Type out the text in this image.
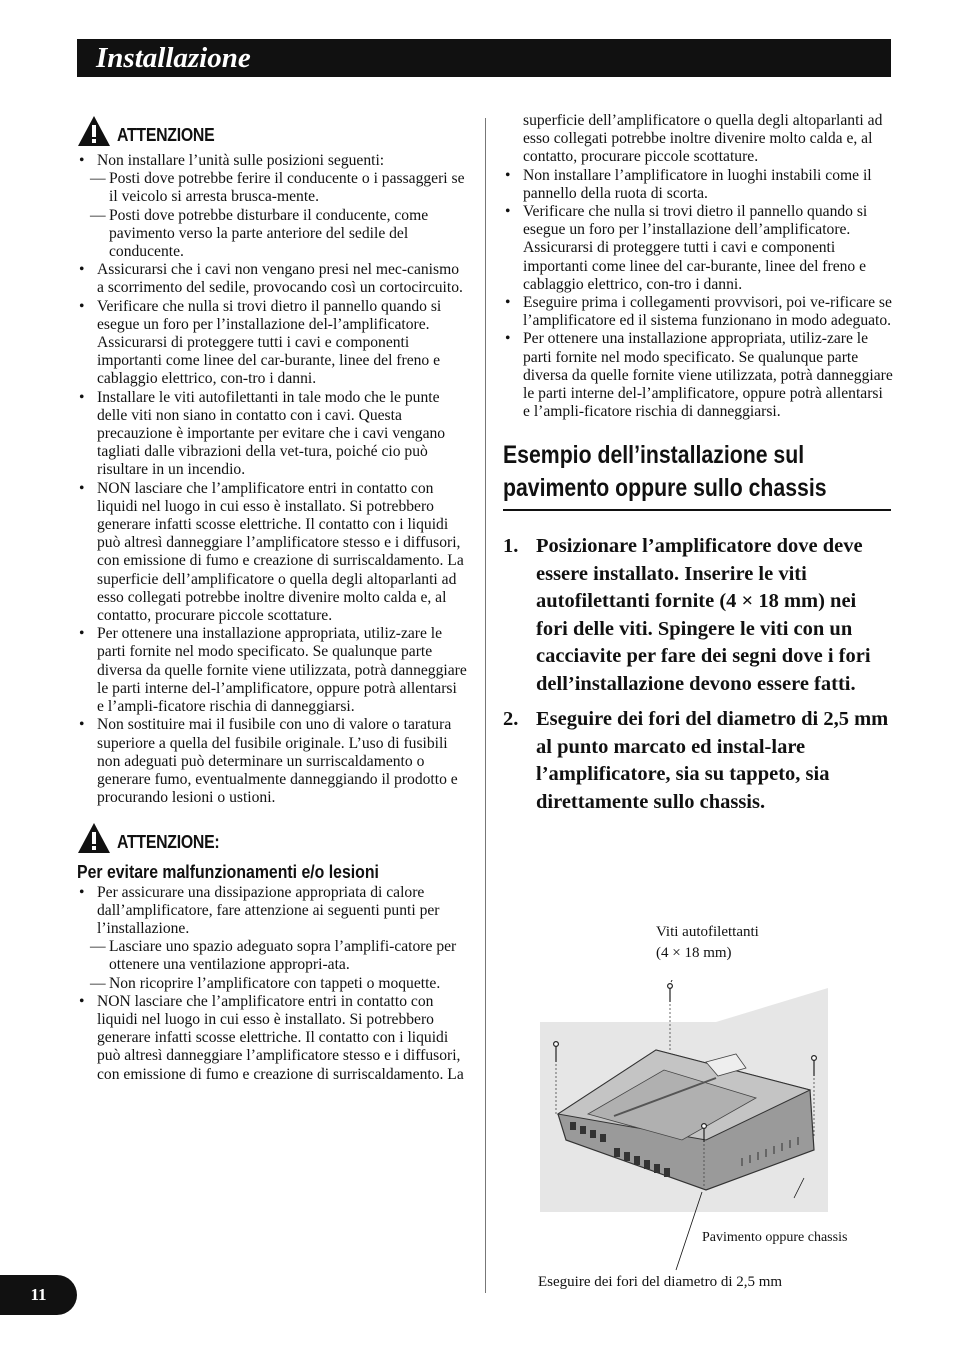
Installazione
ATTENZIONE
• Non installare l’unità sulle posizioni seguenti:
— Posti dove potrebbe ferire il conducente o i passaggeri se il veicolo si arresta brusca-mente.
— Posti dove potrebbe disturbare il conducente, come pavimento verso la parte anteriore del sedile del conducente.
• Assicurarsi che i cavi non vengano presi nel mec-canismo a scorrimento del sedile, provocando così un cortocircuito.
• Verificare che nulla si trovi dietro il pannello quando si esegue un foro per l’installazione del-l’amplificatore. Assicurarsi di proteggere tutti i cavi e componenti importanti come linee del car-burante, linee del freno e cablaggio elettrico, con-tro i danni.
• Installare le viti autofilettanti in tale modo che le punte delle viti non siano in contatto con i cavi. Questa precauzione è importante per evitare che i cavi vengano tagliati dalle vibrazioni della vet-tura, poiché cio può risultare in un incendio.
• NON lasciare che l’amplificatore entri in contatto con liquidi nel luogo in cui esso è installato. Si potrebbero generare infatti scosse elettriche. Il contatto con i liquidi può altresì danneggiare l’amplificatore stesso e i diffusori, con emissione di fumo e creazione di surriscaldamento. La superficie dell’amplificatore o quella degli altoparlanti ad esso collegati potrebbe inoltre divenire molto calda e, al contatto, procurare piccole scottature.
• Per ottenere una installazione appropriata, utiliz-zare le parti fornite nel modo specificato. Se qualunque parte diversa da quelle fornite viene utilizzata, potrà danneggiare le parti interne del-l’amplificatore, oppure potrà allentarsi e l’ampli-ficatore rischia di danneggiarsi.
• Non sostituire mai il fusibile con uno di valore o taratura superiore a quella del fusibile originale. L’uso di fusibili non adeguati può determinare un surriscaldamento o generare fumo, eventualmente danneggiando il prodotto e procurando lesioni o ustioni.
ATTENZIONE:
Per evitare malfunzionamenti e/o lesioni
• Per assicurare una dissipazione appropriata di calore dall’amplificatore, fare attenzione ai seguenti punti per l’installazione.
— Lasciare uno spazio adeguato sopra l’amplifi-catore per ottenere una ventilazione appropri-ata.
— Non ricoprire l’amplificatore con tappeti o moquette.
• NON lasciare che l’amplificatore entri in contatto con liquidi nel luogo in cui esso è installato. Si potrebbero generare infatti scosse elettriche. Il contatto con i liquidi può altresì danneggiare l’amplificatore stesso e i diffusori, con emissione di fumo e creazione di surriscaldamento. La
superficie dell’amplificatore o quella degli altoparlanti ad esso collegati potrebbe inoltre divenire molto calda e, al contatto, procurare piccole scottature.
• Non installare l’amplificatore in luoghi instabili come il pannello della ruota di scorta.
• Verificare che nulla si trovi dietro il pannello quando si esegue un foro per l’installazione dell’amplificatore. Assicurarsi di proteggere tutti i cavi e componenti importanti come linee del car-burante, linee del freno e cablaggio elettrico, con-tro i danni.
• Eseguire prima i collegamenti provvisori, poi ve-rificare se l’amplificatore ed il sistema funzionano in modo adeguato.
• Per ottenere una installazione appropriata, utiliz-zare le parti fornite nel modo specificato. Se qualunque parte diversa da quelle fornite viene utilizzata, potrà danneggiare le parti interne del-l’amplificatore, oppure potrà allentarsi e l’ampli-ficatore rischia di danneggiarsi.
Esempio dell’installazione sul pavimento oppure sullo chassis
1. Posizionare l’amplificatore dove deve essere installato. Inserire le viti autofilettanti fornite (4 × 18 mm) nei fori delle viti. Spingere le viti con un cacciavite per fare dei segni dove i fori dell’installazione devono essere fatti.
2. Eseguire dei fori del diametro di 2,5 mm al punto marcato ed instal-lare l’amplificatore, sia su tappeto, sia direttamente sullo chassis.
Viti autofilettanti
(4 × 18 mm)
Pavimento oppure chassis
Eseguire dei fori del diametro di 2,5 mm
11
